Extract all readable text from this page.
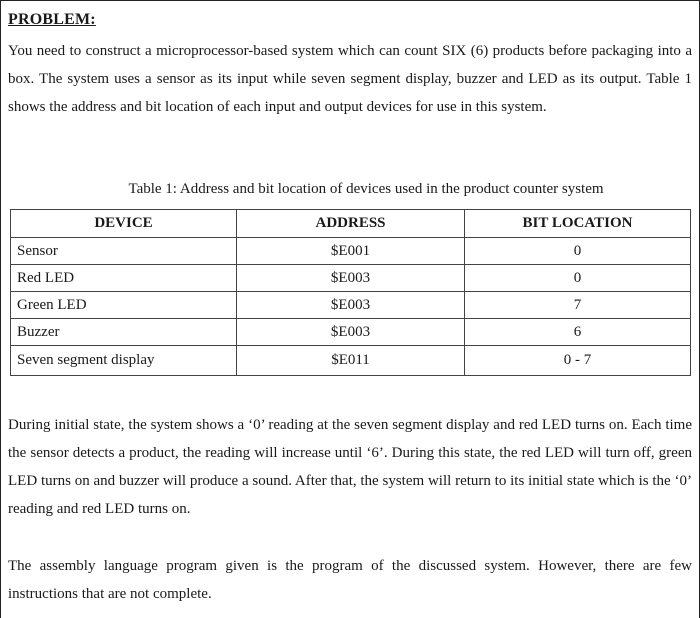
PROBLEM:
You need to construct a microprocessor-based system which can count SIX (6) products before packaging into a box. The system uses a sensor as its input while seven segment display, buzzer and LED as its output. Table 1 shows the address and bit location of each input and output devices for use in this system.
Table 1: Address and bit location of devices used in the product counter system
DEVICE	ADDRESS	BIT LOCATION
Sensor	$E001	0
Red LED	$E003	0
Green LED	$E003	7
Buzzer	$E003	6
Seven segment display	$E011	0 - 7
During initial state, the system shows a ‘0’ reading at the seven segment display and red LED turns on. Each time the sensor detects a product, the reading will increase until ‘6’. During this state, the red LED will turn off, green LED turns on and buzzer will produce a sound. After that, the system will return to its initial state which is the ‘0’ reading and red LED turns on.
The assembly language program given is the program of the discussed system. However, there are few instructions that are not complete.
